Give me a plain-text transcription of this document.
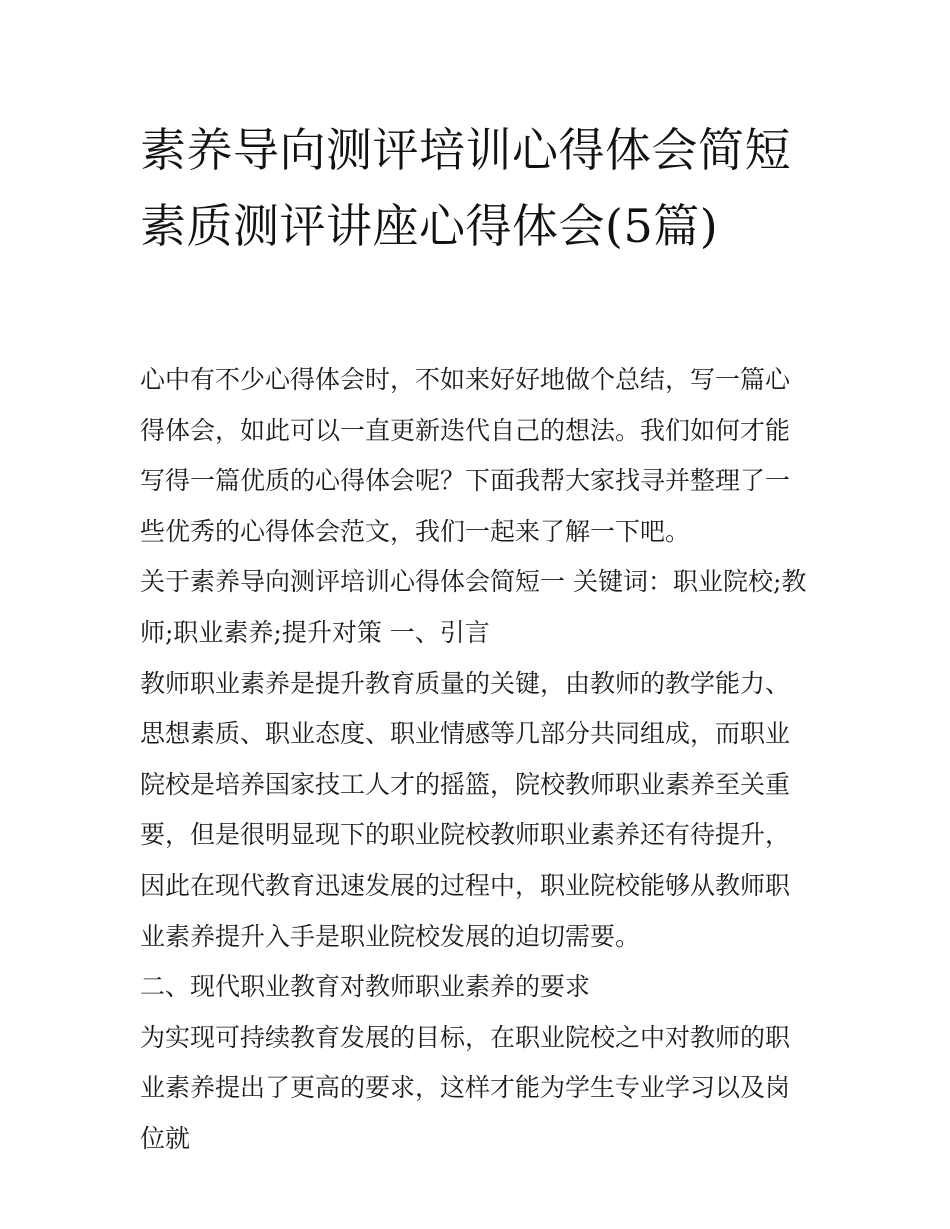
素养导向测评培训心得体会简短 素质测评讲座心得体会(5篇)

心中有不少心得体会时，不如来好好地做个总结，写一篇心得体会，如此可以一直更新迭代自己的想法。我们如何才能写得一篇优质的心得体会呢？下面我帮大家找寻并整理了一些优秀的心得体会范文，我们一起来了解一下吧。

关于素养导向测评培训心得体会简短一 关键词：职业院校;教师;职业素养;提升对策 一、引言

教师职业素养是提升教育质量的关键，由教师的教学能力、思想素质、职业态度、职业情感等几部分共同组成，而职业院校是培养国家技工人才的摇篮，院校教师职业素养至关重要，但是很明显现下的职业院校教师职业素养还有待提升，因此在现代教育迅速发展的过程中，职业院校能够从教师职业素养提升入手是职业院校发展的迫切需要。

二、现代职业教育对教师职业素养的要求

为实现可持续教育发展的目标，在职业院校之中对教师的职业素养提出了更高的要求，这样才能为学生专业学习以及岗位就
